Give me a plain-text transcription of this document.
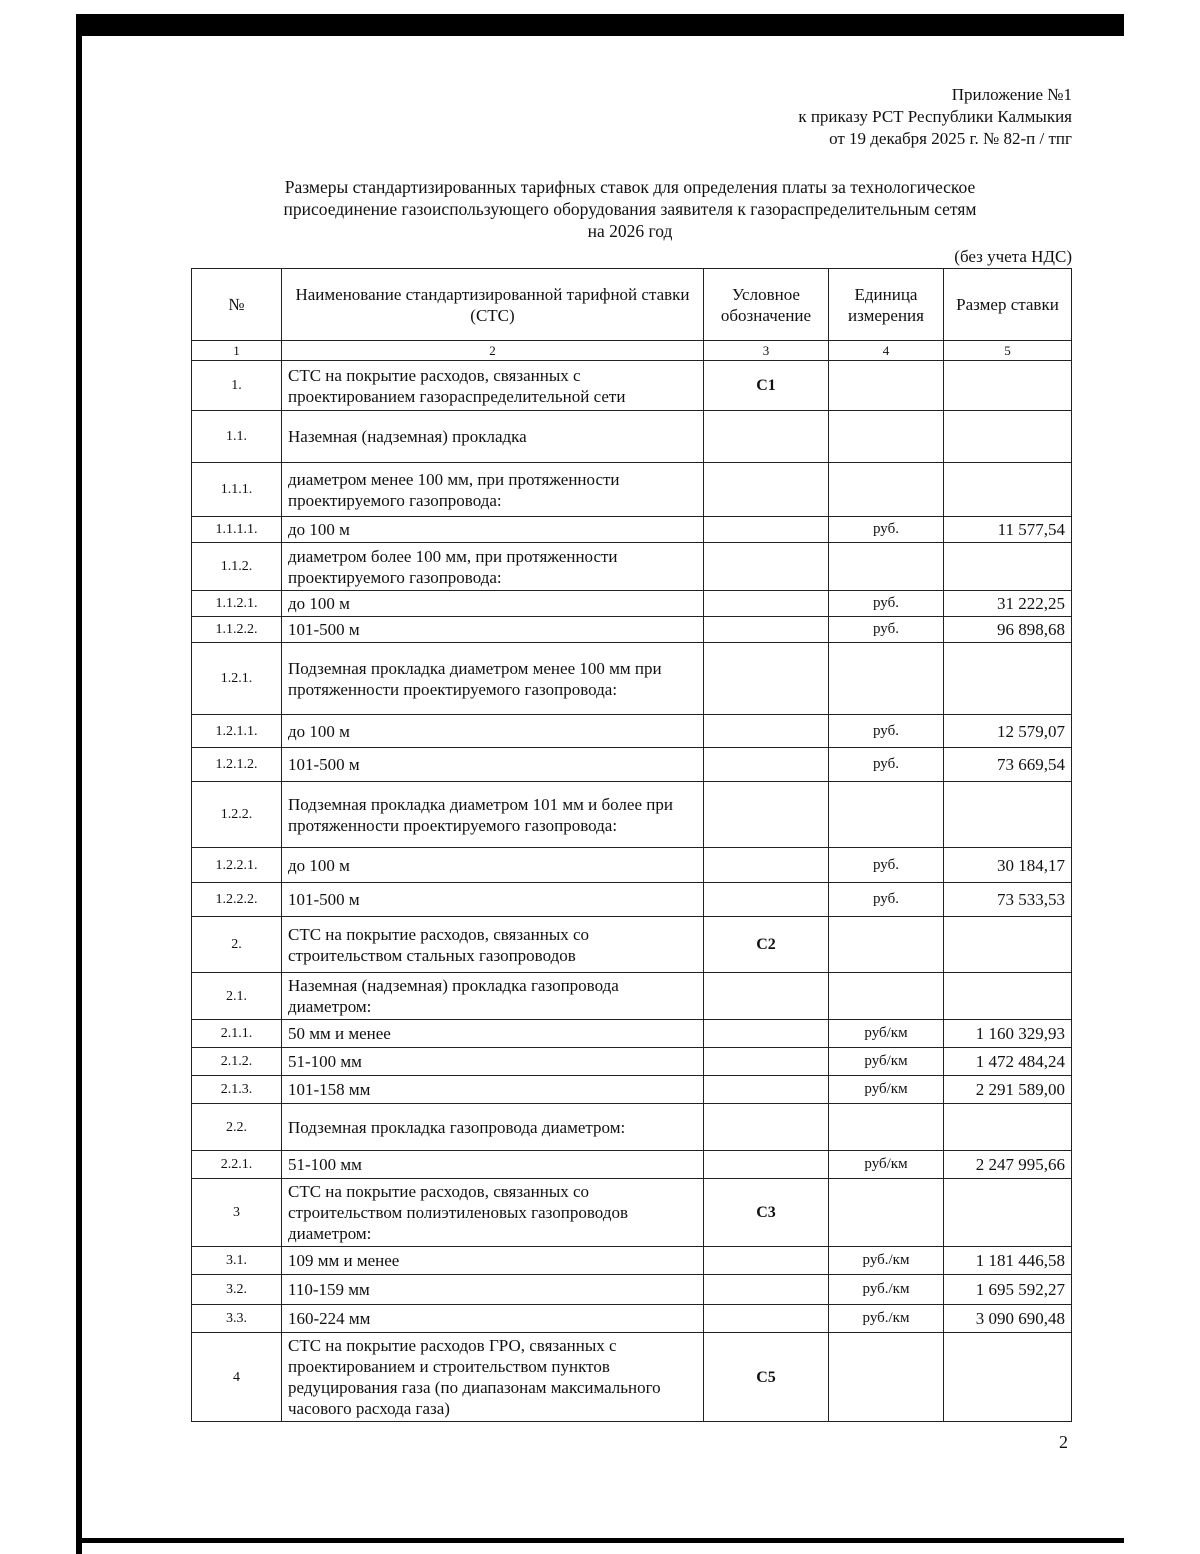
Приложение №1
к приказу РСТ Республики Калмыкия
от 19 декабря 2025 г. № 82-п / тпг
Размеры стандартизированных тарифных ставок для определения платы за технологическое
присоединение газоиспользующего оборудования заявителя к газораспределительным сетям
на 2026 год
(без учета НДС)
№	Наименование стандартизированной тарифной ставки (СТС)	Условное обозначение	Единица измерения	Размер ставки
1	2	3	4	5
1.	СТС на покрытие расходов, связанных с проектированием газораспределительной сети	С1		
1.1.	Наземная (надземная) прокладка			
1.1.1.	диаметром менее 100 мм, при протяженности проектируемого газопровода:			
1.1.1.1.	до 100 м		руб.	11 577,54
1.1.2.	диаметром более 100 мм, при протяженности проектируемого газопровода:			
1.1.2.1.	до 100 м		руб.	31 222,25
1.1.2.2.	101-500 м		руб.	96 898,68
1.2.1.	Подземная прокладка диаметром менее 100 мм при протяженности проектируемого газопровода:			
1.2.1.1.	до 100 м		руб.	12 579,07
1.2.1.2.	101-500 м		руб.	73 669,54
1.2.2.	Подземная прокладка диаметром 101 мм и более при протяженности проектируемого газопровода:			
1.2.2.1.	до 100 м		руб.	30 184,17
1.2.2.2.	101-500 м		руб.	73 533,53
2.	СТС на покрытие расходов, связанных со строительством стальных газопроводов	С2		
2.1.	Наземная (надземная) прокладка газопровода диаметром:			
2.1.1.	50 мм и менее		руб/км	1 160 329,93
2.1.2.	51-100 мм		руб/км	1 472 484,24
2.1.3.	101-158 мм		руб/км	2 291 589,00
2.2.	Подземная прокладка газопровода диаметром:			
2.2.1.	51-100 мм		руб/км	2 247 995,66
3	СТС на покрытие расходов, связанных со строительством полиэтиленовых газопроводов диаметром:	С3		
3.1.	109 мм и менее		руб./км	1 181 446,58
3.2.	110-159 мм		руб./км	1 695 592,27
3.3.	160-224 мм		руб./км	3 090 690,48
4	СТС на покрытие расходов ГРО, связанных с проектированием и строительством пунктов редуцирования газа (по диапазонам максимального часового расхода газа)	С5		
2
